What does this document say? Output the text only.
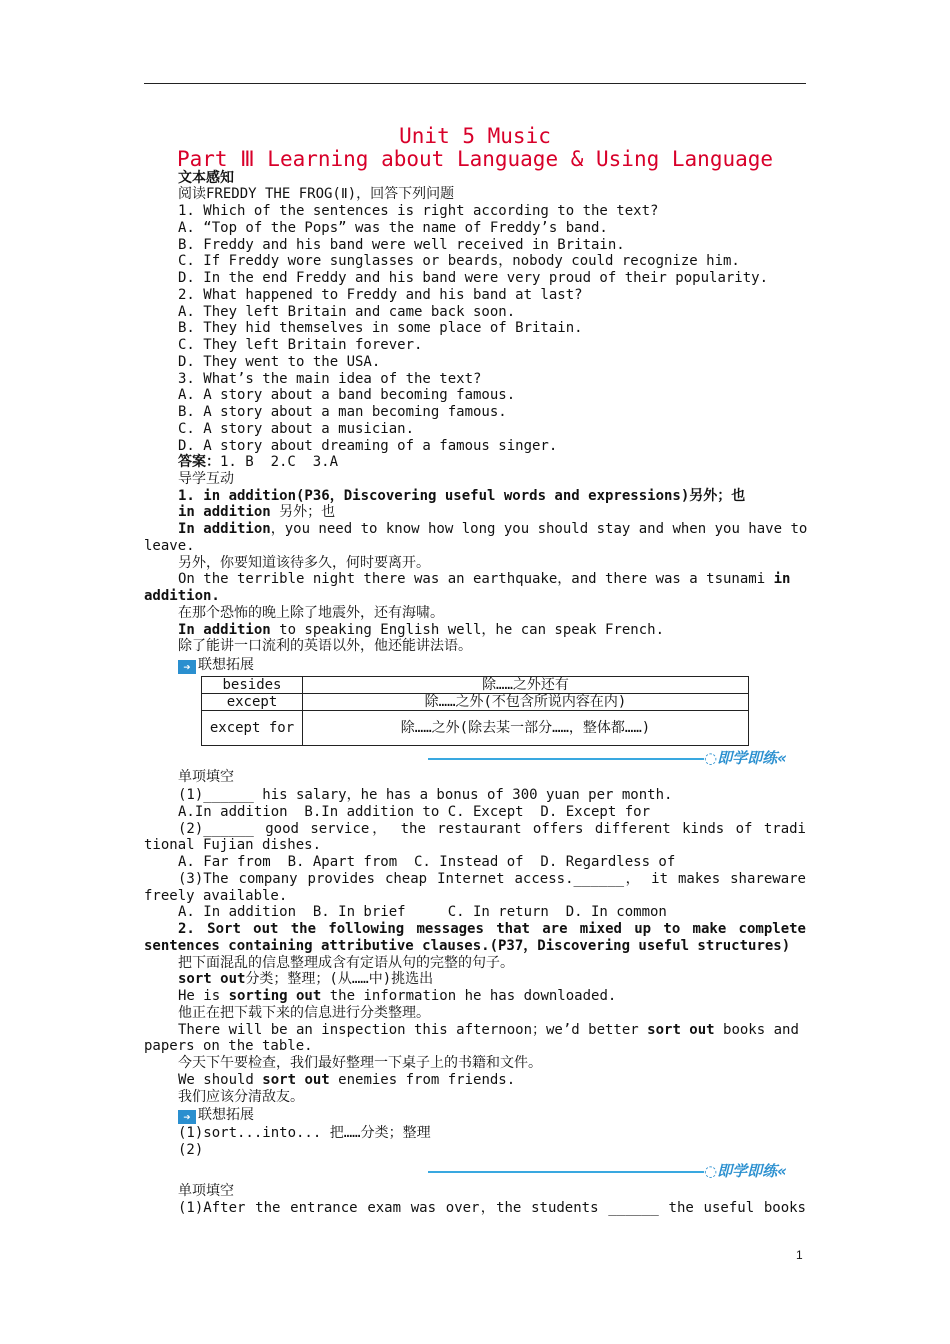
Unit 5 Music
Part Ⅲ Learning about Language & Using Language
文本感知
阅读FREDDY THE FROG(Ⅱ)，回答下列问题
1. Which of the sentences is right according to the text?
A. “Top of the Pops” was the name of Freddy’s band.
B. Freddy and his band were well received in Britain.
C. If Freddy wore sunglasses or beards，nobody could recognize him.
D. In the end Freddy and his band were very proud of their popularity.
2. What happened to Freddy and his band at last?
A. They left Britain and came back soon.
B. They hid themselves in some place of Britain.
C. They left Britain forever.
D. They went to the USA.
3. What’s the main idea of the text?
A. A story about a band becoming famous.
B. A story about a man becoming famous.
C. A story about a musician.
D. A story about dreaming of a famous singer.
答案：1. B  2.C  3.A
导学互动
1. in addition(P36，Discovering useful words and expressions)另外；也
in addition 另外；也
In addition，you need to know how long you should stay and when you have to
leave.
另外，你要知道该待多久，何时要离开。
On the terrible night there was an earthquake，and there was a tsunami in
addition.
在那个恐怖的晚上除了地震外，还有海啸。
In addition to speaking English well，he can speak French.
除了能讲一口流利的英语以外，他还能讲法语。
➔ 联想拓展
besides	除……之外还有
except	除……之外(不包含所说内容在内)
except for	除……之外(除去某一部分……，整体都……)
◌即学即练«
单项填空
(1)______ his salary，he has a bonus of 300 yuan per month.
A.In addition  B.In addition to C. Except  D. Except for
(2)______ good service， the restaurant offers different kinds of tradi
tional Fujian dishes.
A. Far from  B. Apart from  C. Instead of  D. Regardless of
(3)The company provides cheap Internet access.______， it makes shareware
freely available.
A. In addition  B. In brief     C. In return  D. In common
2. Sort out the following messages that are mixed up to make complete
sentences containing attributive clauses.(P37，Discovering useful structures)
把下面混乱的信息整理成含有定语从句的完整的句子。
sort out分类；整理；(从……中)挑选出
He is sorting out the information he has downloaded.
他正在把下载下来的信息进行分类整理。
There will be an inspection this afternoon；we’d better sort out books and
papers on the table.
今天下午要检查，我们最好整理一下桌子上的书籍和文件。
We should sort out enemies from friends.
我们应该分清敌友。
➔ 联想拓展
(1)sort...into... 把……分类；整理
(2)
◌即学即练«
单项填空
(1)After the entrance exam was over，the students ______ the useful books
1
